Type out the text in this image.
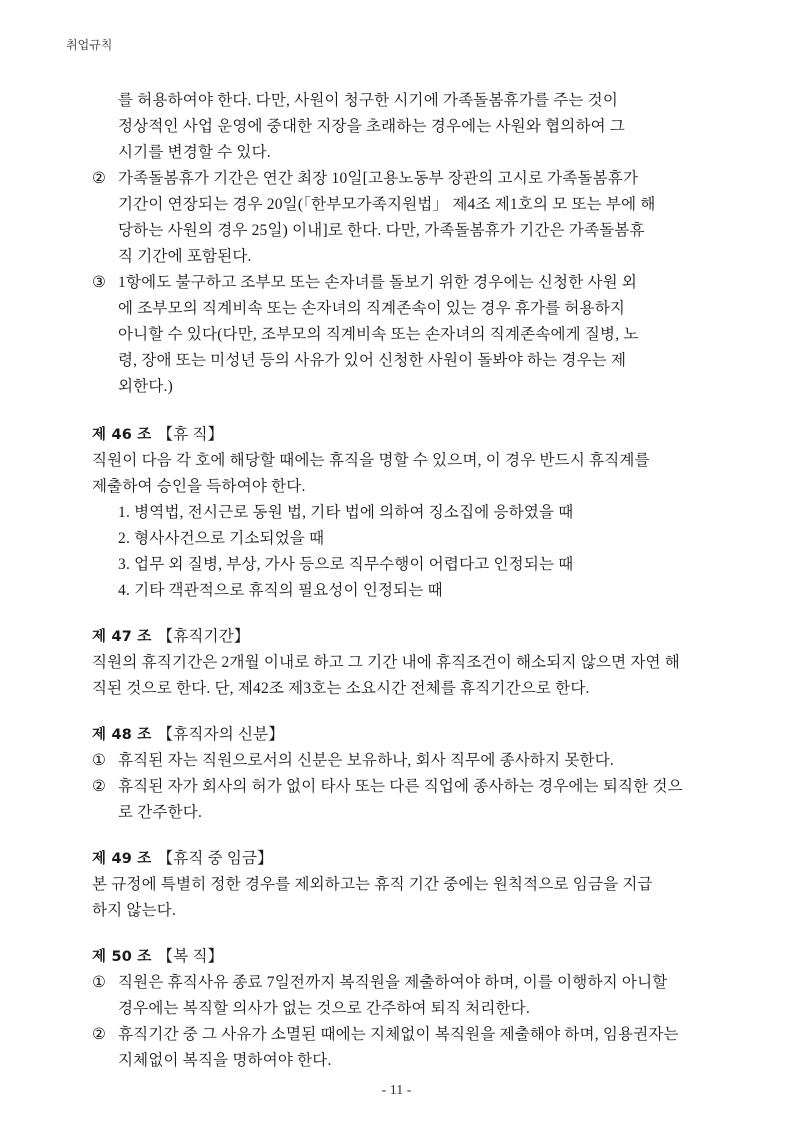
취업규칙

를 허용하여야 한다. 다만, 사원이 청구한 시기에 가족돌봄휴가를 주는 것이

정상적인 사업 운영에 중대한 지장을 초래하는 경우에는 사원와 협의하여 그

시기를 변경할 수 있다.

② 가족돌봄휴가 기간은 연간 최장 10일[고용노동부 장관의 고시로 가족돌봄휴가

기간이 연장되는 경우 20일(「한부모가족지원법」 제4조 제1호의 모 또는 부에 해

당하는 사원의 경우 25일) 이내]로 한다. 다만, 가족돌봄휴가 기간은 가족돌봄휴

직 기간에 포함된다.

③ 1항에도 불구하고 조부모 또는 손자녀를 돌보기 위한 경우에는 신청한 사원 외

에 조부모의 직계비속 또는 손자녀의 직계존속이 있는 경우 휴가를 허용하지

아니할 수 있다(다만, 조부모의 직계비속 또는 손자녀의 직계존속에게 질병, 노

령, 장애 또는 미성년 등의 사유가 있어 신청한 사원이 돌봐야 하는 경우는 제

외한다.)

제 46 조 【휴 직】

직원이 다음 각 호에 해당할 때에는 휴직을 명할 수 있으며, 이 경우 반드시 휴직계를

제출하여 승인을 득하여야 한다.

1. 병역법, 전시근로 동원 법, 기타 법에 의하여 징소집에 응하였을 때

2. 형사사건으로 기소되었을 때

3. 업무 외 질병, 부상, 가사 등으로 직무수행이 어렵다고 인정되는 때

4. 기타 객관적으로 휴직의 필요성이 인정되는 때

제 47 조 【휴직기간】

직원의 휴직기간은 2개월 이내로 하고 그 기간 내에 휴직조건이 해소되지 않으면 자연 해

직된 것으로 한다. 단, 제42조 제3호는 소요시간 전체를 휴직기간으로 한다.

제 48 조 【휴직자의 신분】

① 휴직된 자는 직원으로서의 신분은 보유하나, 회사 직무에 종사하지 못한다.

② 휴직된 자가 회사의 허가 없이 타사 또는 다른 직업에 종사하는 경우에는 퇴직한 것으

로 간주한다.

제 49 조 【휴직 중 임금】

본 규정에 특별히 정한 경우를 제외하고는 휴직 기간 중에는 원칙적으로 임금을 지급

하지 않는다.

제 50 조 【복 직】

① 직원은 휴직사유 종료 7일전까지 복직원을 제출하여야 하며, 이를 이행하지 아니할

경우에는 복직할 의사가 없는 것으로 간주하여 퇴직 처리한다.

② 휴직기간 중 그 사유가 소멸된 때에는 지체없이 복직원을 제출해야 하며, 임용권자는

지체없이 복직을 명하여야 한다.

- 11 -
